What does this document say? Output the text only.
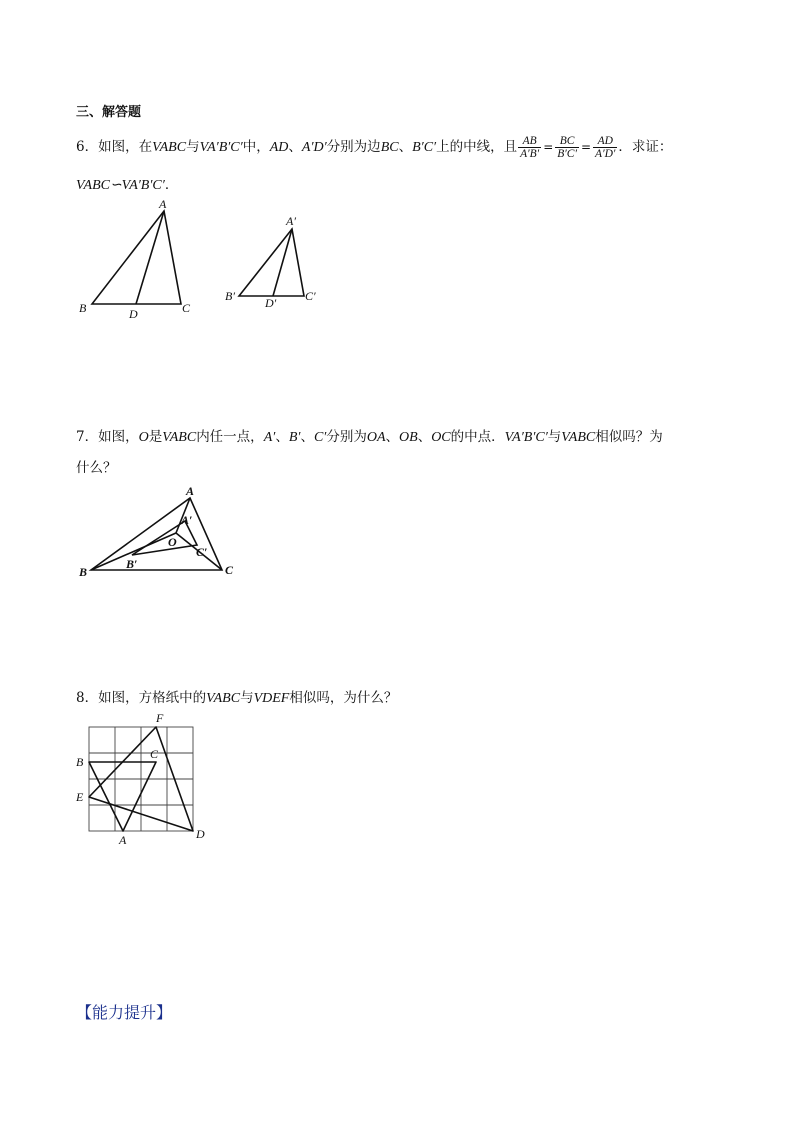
三、解答题
6．如图，在VABC与VA′B′C′中，AD、A′D′分别为边BC、B′C′上的中线，且 $\frac{AB}{A'B'} = \frac{BC}{B'C'} = \frac{AD}{A'D'}$ ．求证：
VABC∽VA′B′C′．
A
B	C
D
A′
B′	C′
D′
7．如图，O是VABC内任一点，A′、B′、C′分别为OA、OB、OC的中点．VA′B′C′与VABC相似吗？为
什么？
A
B	C
O
A′
B′
C′
8．如图，方格纸中的VABC与VDEF相似吗，为什么？
B
E
A	D
C
F
【能力提升】
